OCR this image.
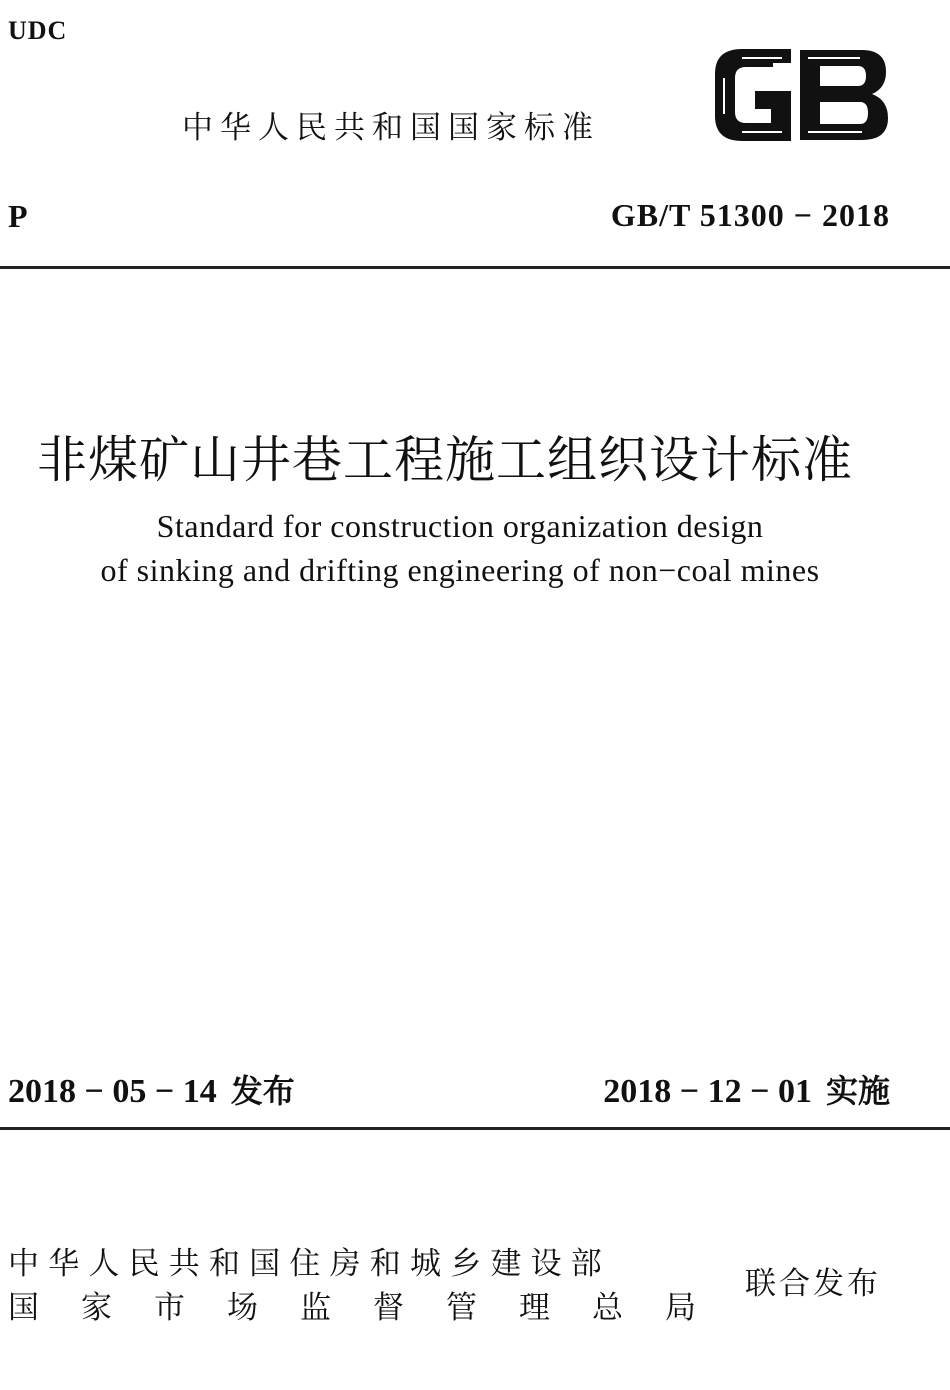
UDC
中华人民共和国国家标准
P	GB/T 51300 − 2018
非煤矿山井巷工程施工组织设计标准
Standard for construction organization design
of sinking and drifting engineering of non−coal mines
2018 − 05 − 14 发布	2018 − 12 − 01 实施
中华人民共和国住房和城乡建设部
国家市场监督管理总局
联合发布
